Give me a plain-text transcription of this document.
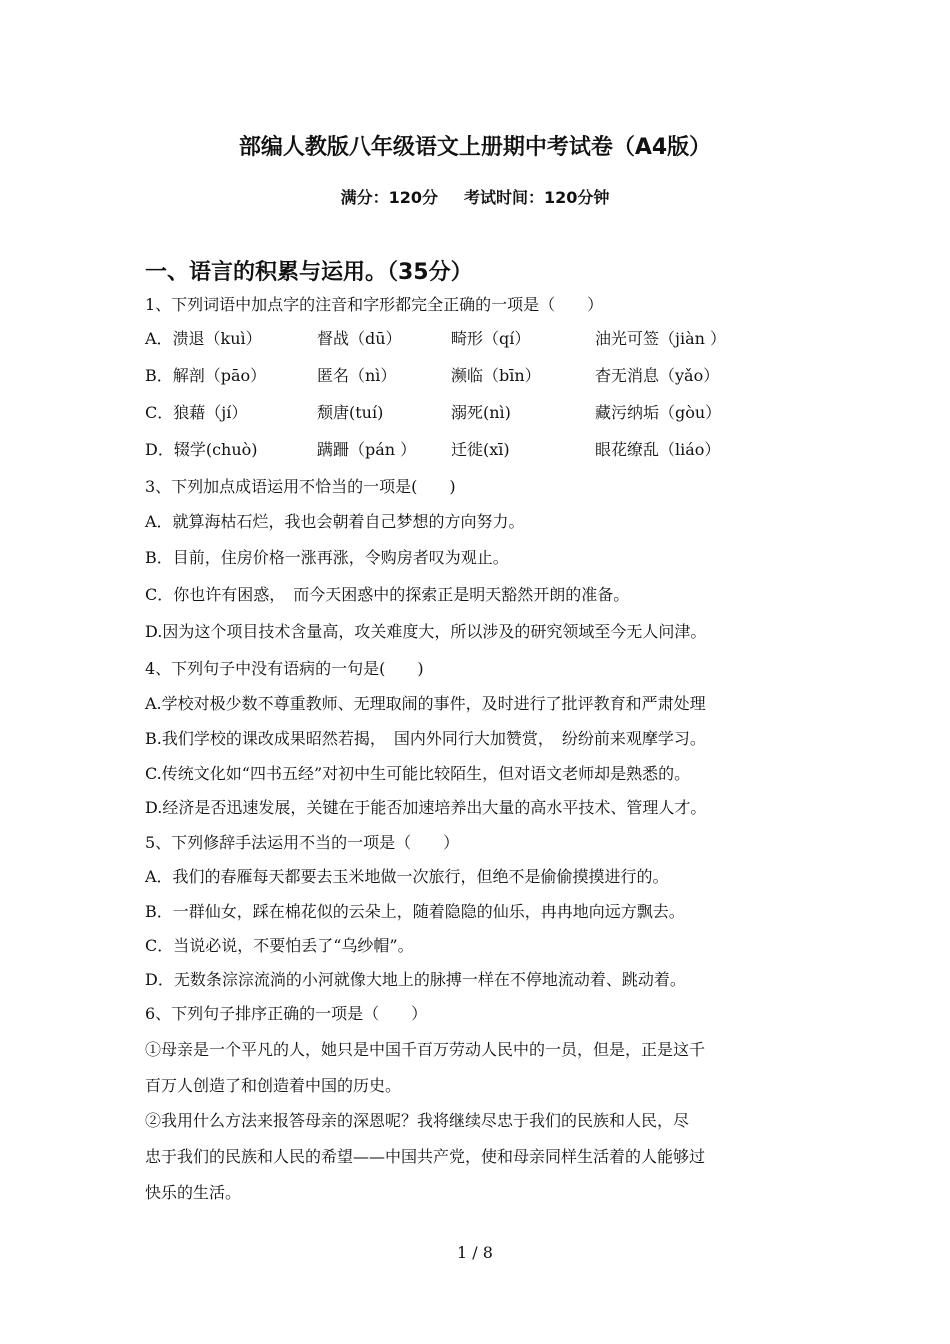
部编人教版八年级语文上册期中考试卷（A4版）
满分：120分 考试时间：120分钟
一、语言的积累与运用。（35分）
1、下列词语中加点字的注音和字形都完全正确的一项是（　　）
A．溃退（kuì）	督战（dū）	畸形（qí）	油光可签（jiàn ）
B．解剖（pāo）	匿名（nì）	濒临（bīn）	杳无消息（yǎo）
C．狼藉（jí）	颓唐(tuí)	溺死(nì)	藏污纳垢（gòu）
D．辍学(chuò)	蹒跚（pán ） 迁徙(xī)	眼花缭乱（liáo）
3、下列加点成语运用不恰当的一项是(　　)
A．就算海枯石烂，我也会朝着自己梦想的方向努力。
B．目前，住房价格一涨再涨，令购房者叹为观止。
C．你也许有困惑，　而今天困惑中的探索正是明天豁然开朗的准备。
D.因为这个项目技术含量高，攻关难度大，所以涉及的研究领域至今无人问津。
4、下列句子中没有语病的一句是(　　)
A.学校对极少数不尊重教师、无理取闹的事件，及时进行了批评教育和严肃处理
B.我们学校的课改成果昭然若揭，　国内外同行大加赞赏，　纷纷前来观摩学习。
C.传统文化如“四书五经”对初中生可能比较陌生，但对语文老师却是熟悉的。
D.经济是否迅速发展，关键在于能否加速培养出大量的高水平技术、管理人才。
5、下列修辞手法运用不当的一项是（　　）
A．我们的春雁每天都要去玉米地做一次旅行，但绝不是偷偷摸摸进行的。
B．一群仙女，踩在棉花似的云朵上，随着隐隐的仙乐，冉冉地向远方飘去。
C．当说必说，不要怕丢了“乌纱帽”。
D．无数条淙淙流淌的小河就像大地上的脉搏一样在不停地流动着、跳动着。
6、下列句子排序正确的一项是（　　）
①母亲是一个平凡的人，她只是中国千百万劳动人民中的一员，但是，正是这千
百万人创造了和创造着中国的历史。
②我用什么方法来报答母亲的深恩呢？我将继续尽忠于我们的民族和人民，尽
忠于我们的民族和人民的希望——中国共产党，使和母亲同样生活着的人能够过
快乐的生活。
1 / 8
